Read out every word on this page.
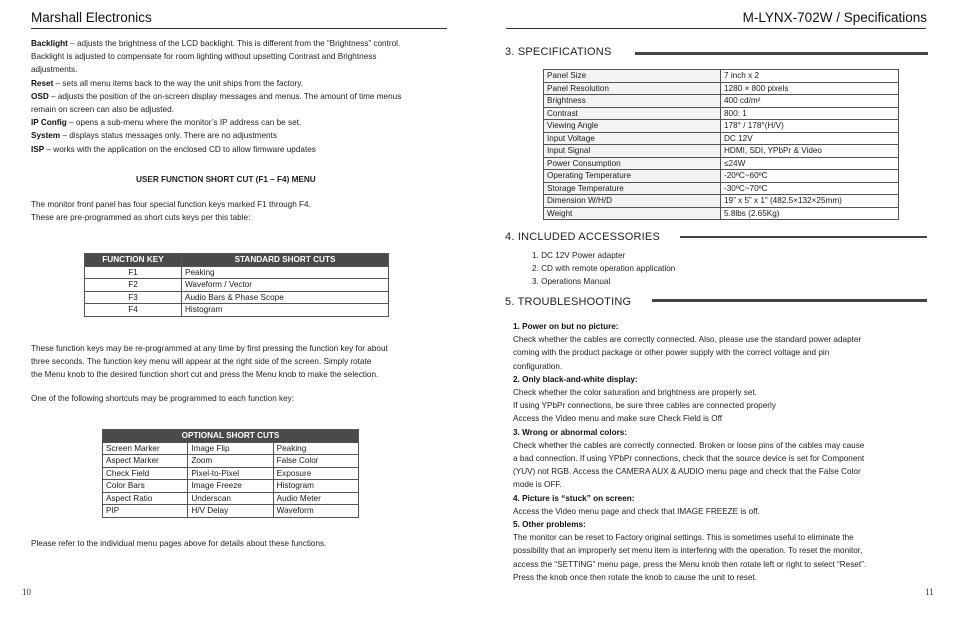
Marshall Electronics
Backlight – adjusts the brightness of the LCD backlight. This is different from the “Brightness” control.
Backlight is adjusted to compensate for room lighting without upsetting Contrast and Brightness
adjustments.
Reset – sets all menu items back to the way the unit ships from the factory.
OSD – adjusts the position of the on-screen display messages and menus. The amount of time menus
remain on screen can also be adjusted.
IP Config – opens a sub-menu where the monitor’s IP address can be set.
System – displays status messages only. There are no adjustments
ISP – works with the application on the enclosed CD to allow firmware updates
USER FUNCTION SHORT CUT (F1 – F4) MENU
The monitor front panel has four special function keys marked F1 through F4.
These are pre-programmed as short cuts keys per this table:
FUNCTION KEY	STANDARD SHORT CUTS
F1	Peaking
F2	Waveform / Vector
F3	Audio Bars & Phase Scope
F4	Histogram
These function keys may be re-programmed at any time by first pressing the function key for about
three seconds. The function key menu will appear at the right side of the screen. Simply rotate
the Menu knob to the desired function short cut and press the Menu knob to make the selection.
One of the following shortcuts may be programmed to each function key:
OPTIONAL SHORT CUTS		
Screen Marker	Image Flip	Peaking
Aspect Marker	Zoom	False Color
Check Field	Pixel-to-Pixel	Exposure
Color Bars	Image Freeze	Histogram
Aspect Ratio	Underscan	Audio Meter
PIP	H/V Delay	Waveform
Please refer to the individual menu pages above for details about these functions.
10
M-LYNX-702W / Specifications
3. SPECIFICATIONS
Panel Size	7 inch x 2
Panel Resolution	1280 × 800 pixels
Brightness	400 cd/m²
Contrast	800: 1
Viewing Angle	178° / 178°(H/V)
Input Voltage	DC 12V
Input Signal	HDMI, SDI, YPbPr & Video
Power Consumption	≤24W
Operating Temperature	-20ºC~60ºC
Storage Temperature	-30ºC~70ºC
Dimension W/H/D	19” x 5” x 1” (482.5×132×25mm)
Weight	5.8lbs (2.65Kg)
4. INCLUDED ACCESSORIES
1. DC 12V Power adapter
2. CD with remote operation application
3. Operations Manual
5. TROUBLESHOOTING
1. Power on but no picture:
Check whether the cables are correctly connected. Also, please use the standard power adapter
coming with the product package or other power supply with the correct voltage and pin
configuration.
2. Only black-and-white display:
Check whether the color saturation and brightness are properly set.
If using YPbPr connections, be sure three cables are connected properly
Access the Video menu and make sure Check Field is Off
3. Wrong or abnormal colors:
Check whether the cables are correctly connected. Broken or loose pins of the cables may cause
a bad connection. If using YPbPr connections, check that the source device is set for Component
(YUV) not RGB. Access the CAMERA AUX & AUDIO menu page and check that the False Color
mode is OFF.
4. Picture is “stuck” on screen:
Access the Video menu page and check that IMAGE FREEZE is off.
5. Other problems:
The monitor can be reset to Factory original settings. This is sometimes useful to eliminate the
possibility that an improperly set menu item is interfering with the operation. To reset the monitor,
access the “SETTING” menu page, press the Menu knob then rotate left or right to select “Reset”.
Press the knob once then rotate the knob to cause the unit to reset.
11
